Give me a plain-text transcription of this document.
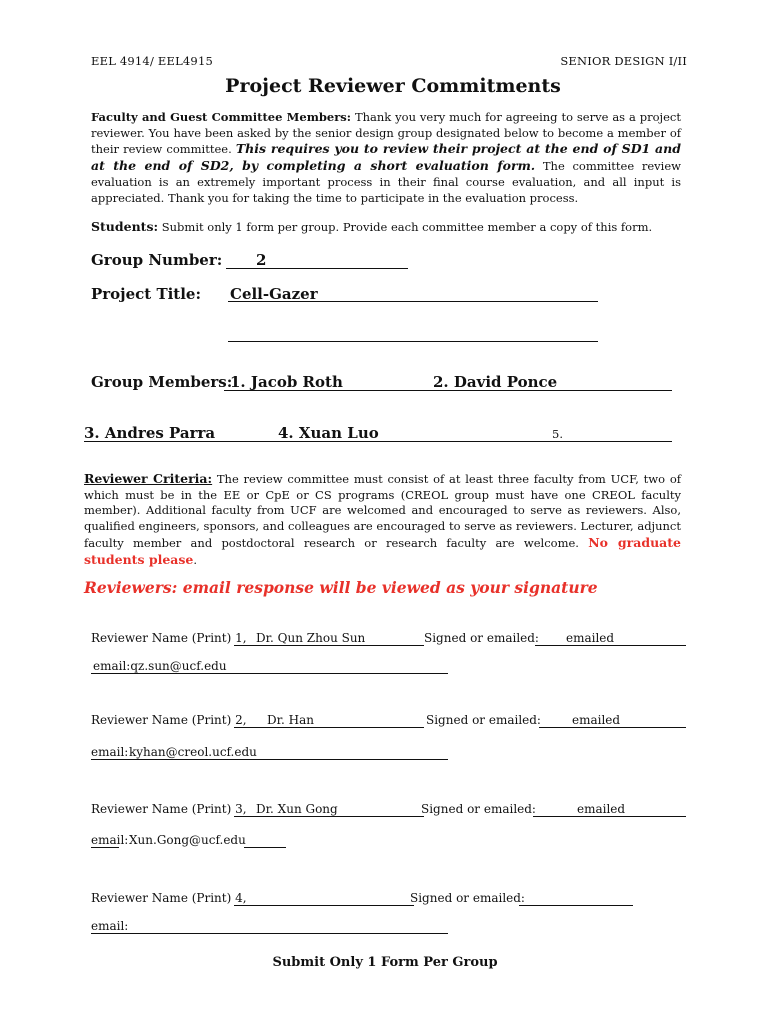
EEL 4914/ EEL4915	SENIOR DESIGN I/II
Project Reviewer Commitments
Faculty and Guest Committee Members: Thank you very much for agreeing to serve as a project reviewer. You have been asked by the senior design group designated below to become a member of their review committee. This requires you to review their project at the end of SD1 and at the end of SD2, by completing a short evaluation form. The committee review evaluation is an extremely important process in their final course evaluation, and all input is appreciated. Thank you for taking the time to participate in the evaluation process.
Students: Submit only 1 form per group. Provide each committee member a copy of this form.
Group Number: 2
Project Title: Cell-Gazer
Group Members:
1. Jacob Roth	2. David Ponce
3. Andres Parra	4. Xuan Luo	5.
Reviewer Criteria: The review committee must consist of at least three faculty from UCF, two of which must be in the EE or CpE or CS programs (CREOL group must have one CREOL faculty member). Additional faculty from UCF are welcomed and encouraged to serve as reviewers. Also, qualified engineers, sponsors, and colleagues are encouraged to serve as reviewers. Lecturer, adjunct faculty member and postdoctoral research or research faculty are welcome. No graduate students please.
Reviewers: email response will be viewed as your signature
Reviewer Name (Print) 1, Dr. Qun Zhou Sun	Signed or emailed: emailed
email:qz.sun@ucf.edu
Reviewer Name (Print) 2, Dr. Han	Signed or emailed:	emailed
email: kyhan@creol.ucf.edu
Reviewer Name (Print) 3, Dr. Xun Gong	Signed or emailed:	emailed
email: Xun.Gong@ucf.edu
Reviewer Name (Print) 4,	Signed or emailed:
email:
Submit Only 1 Form Per Group
